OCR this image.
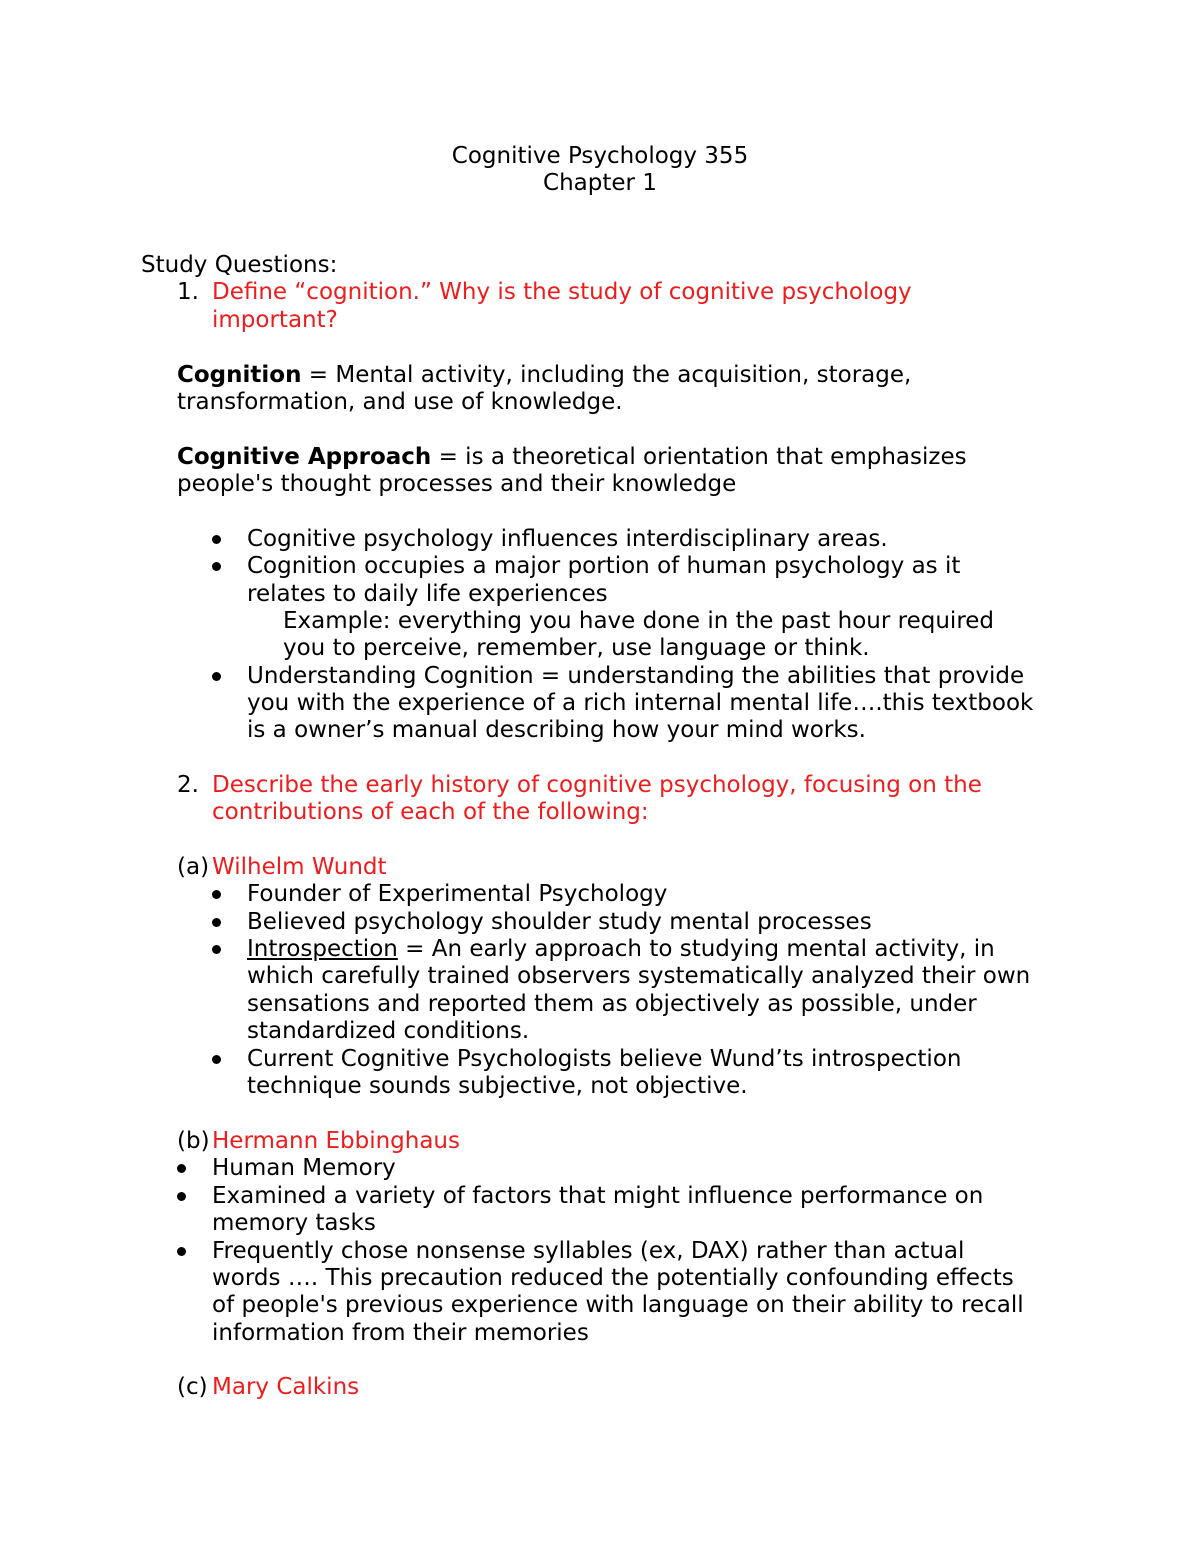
Cognitive Psychology 355
Chapter 1
Study Questions:
1. Define “cognition.” Why is the study of cognitive psychology
important?
Cognition = Mental activity, including the acquisition, storage,
transformation, and use of knowledge.
Cognitive Approach = is a theoretical orientation that emphasizes
people's thought processes and their knowledge
Cognitive psychology influences interdisciplinary areas.
Cognition occupies a major portion of human psychology as it
relates to daily life experiences
Example: everything you have done in the past hour required
you to perceive, remember, use language or think.
Understanding Cognition = understanding the abilities that provide
you with the experience of a rich internal mental life….this textbook
is a owner’s manual describing how your mind works.
2. Describe the early history of cognitive psychology, focusing on the
contributions of each of the following:
(a) Wilhelm Wundt
Founder of Experimental Psychology
Believed psychology shoulder study mental processes
Introspection = An early approach to studying mental activity, in
which carefully trained observers systematically analyzed their own
sensations and reported them as objectively as possible, under
standardized conditions.
Current Cognitive Psychologists believe Wund’ts introspection
technique sounds subjective, not objective.
(b) Hermann Ebbinghaus
Human Memory
Examined a variety of factors that might influence performance on
memory tasks
Frequently chose nonsense syllables (ex, DAX) rather than actual
words …. This precaution reduced the potentially confounding effects
of people's previous experience with language on their ability to recall
information from their memories
(c) Mary Calkins
